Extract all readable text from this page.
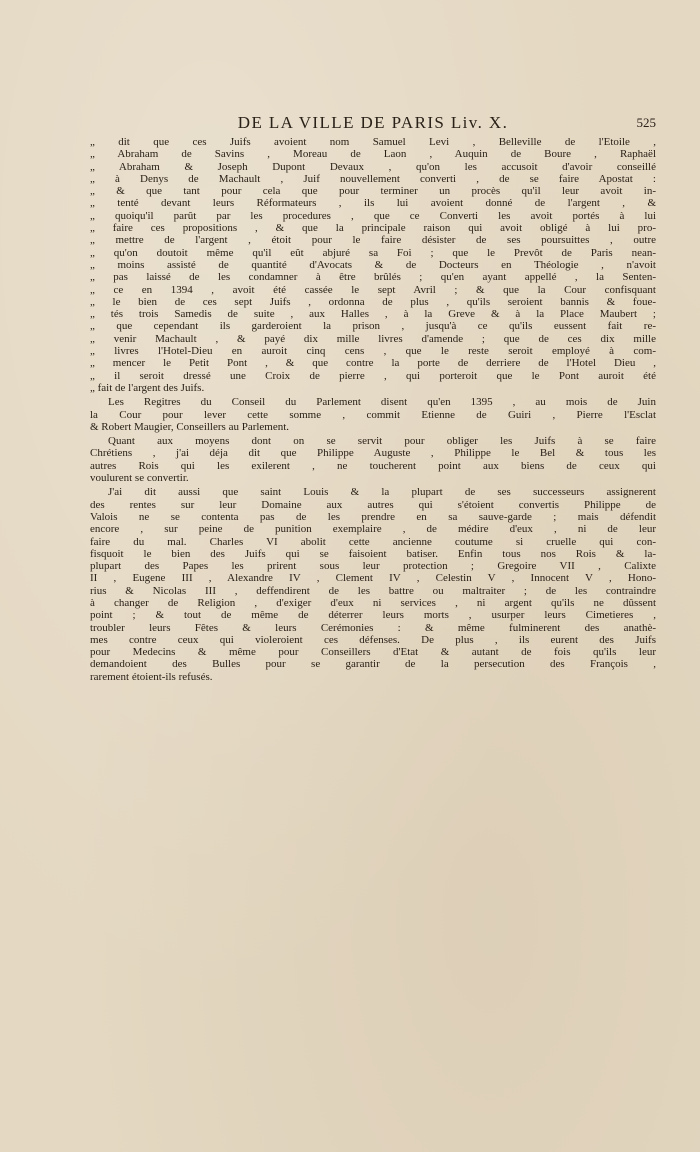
DE LA VILLE DE PARIS Liv. X.	525
„ dit que ces Juifs avoient nom Samuel Levi , Belleville de l'Etoile ,
„ Abraham de Savins , Moreau de Laon , Auquin de Boure , Raphaël
„ Abraham & Joseph Dupont Devaux , qu'on les accusoit d'avoir conseillé
„ à Denys de Machault , Juif nouvellement converti , de se faire Apostat :
„ & que tant pour cela que pour terminer un procès qu'il leur avoit in-
„ tenté devant leurs Réformateurs , ils lui avoient donné de l'argent , &
„ quoiqu'il parût par les procedures , que ce Converti les avoit portés à lui
„ faire ces propositions , & que la principale raison qui avoit obligé à lui pro-
„ mettre de l'argent , étoit pour le faire désister de ses poursuittes , outre
„ qu'on doutoit même qu'il eût abjuré sa Foi ; que le Prevôt de Paris nean-
„ moins assisté de quantité d'Avocats & de Docteurs en Théologie , n'avoit
„ pas laissé de les condamner à être brûlés ; qu'en ayant appellé , la Senten-
„ ce en 1394 , avoit été cassée le sept Avril ; & que la Cour confisquant
„ le bien de ces sept Juifs , ordonna de plus , qu'ils seroient bannis & foue-
„ tés trois Samedis de suite , aux Halles , à la Greve & à la Place Maubert ;
„ que cependant ils garderoient la prison , jusqu'à ce qu'ils eussent fait re-
„ venir Machault , & payé dix mille livres d'amende ; que de ces dix mille
„ livres l'Hotel-Dieu en auroit cinq cens , que le reste seroit employé à com-
„ mencer le Petit Pont , & que contre la porte de derriere de l'Hotel Dieu ,
„ il seroit dressé une Croix de pierre , qui porteroit que le Pont auroit été
„ fait de l'argent des Juifs.
Les Regitres du Conseil du Parlement disent qu'en 1395 , au mois de Juin
la Cour pour lever cette somme , commit Etienne de Guiri , Pierre l'Esclat
& Robert Maugier, Conseillers au Parlement.
Quant aux moyens dont on se servit pour obliger les Juifs à se faire
Chrétiens , j'ai déja dit que Philippe Auguste , Philippe le Bel & tous les
autres Rois qui les exilerent , ne toucherent point aux biens de ceux qui
voulurent se convertir.
J'ai dit aussi que saint Louis & la plupart de ses successeurs assignerent
des rentes sur leur Domaine aux autres qui s'étoient convertis Philippe de
Valois ne se contenta pas de les prendre en sa sauve-garde ; mais défendit
encore , sur peine de punition exemplaire , de médire d'eux , ni de leur
faire du mal. Charles VI abolit cette ancienne coutume si cruelle qui con-
fisquoit le bien des Juifs qui se faisoient batiser. Enfin tous nos Rois & la-
plupart des Papes les prirent sous leur protection ; Gregoire VII , Calixte
II , Eugene III , Alexandre IV , Clement IV , Celestin V , Innocent V , Hono-
rius & Nicolas III , deffendirent de les battre ou maltraiter ; de les contraindre
à changer de Religion , d'exiger d'eux ni services , ni argent qu'ils ne dûssent
point ; & tout de même de déterrer leurs morts , usurper leurs Cimetieres ,
troubler leurs Fêtes & leurs Cerémonies : & même fulminerent des anathè-
mes contre ceux qui violeroient ces défenses. De plus , ils eurent des Juifs
pour Medecins & même pour Conseillers d'Etat & autant de fois qu'ils leur
demandoient des Bulles pour se garantir de la persecution des François ,
rarement étoient-ils refusés.
